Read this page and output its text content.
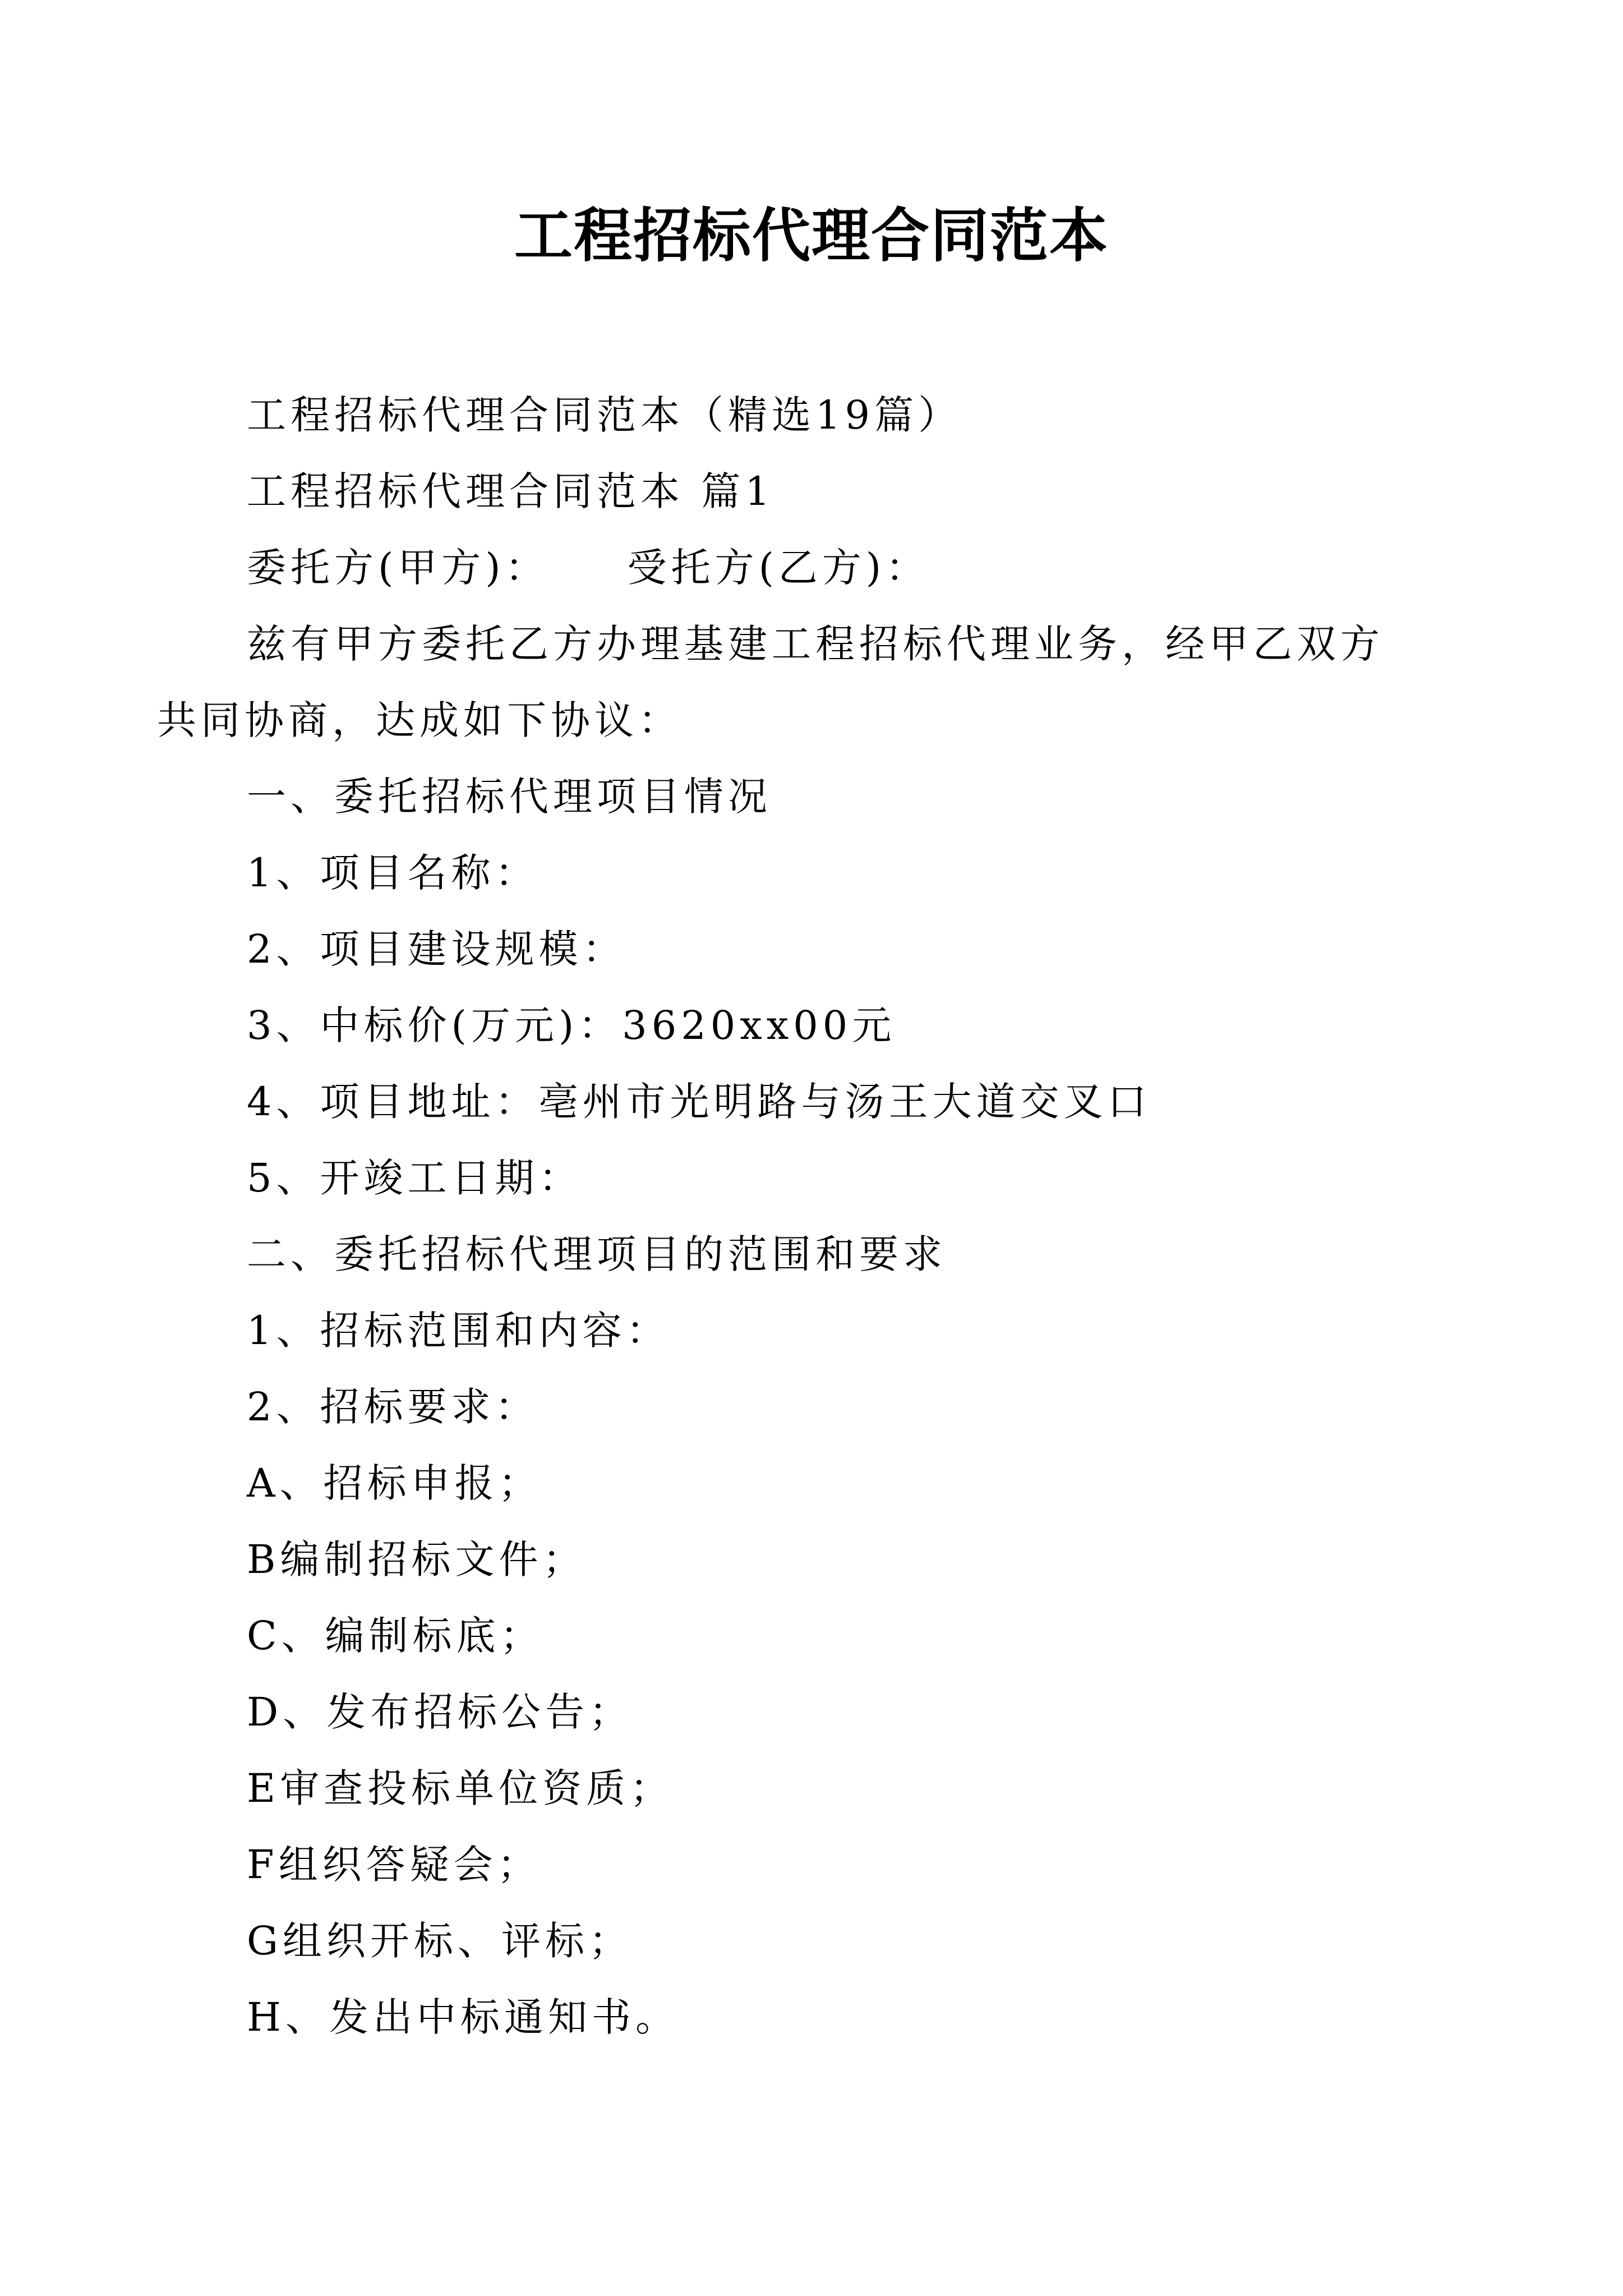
工程招标代理合同范本

工程招标代理合同范本（精选19篇）

工程招标代理合同范本 篇1

委托方(甲方)： 受托方(乙方)：

兹有甲方委托乙方办理基建工程招标代理业务，经甲乙双方共同协商，达成如下协议：

一、委托招标代理项目情况

1、项目名称：

2、项目建设规模：

3、中标价(万元)：3620xx00元

4、项目地址：亳州市光明路与汤王大道交叉口

5、开竣工日期：

二、委托招标代理项目的范围和要求

1、招标范围和内容：

2、招标要求：

A、招标申报；

B编制招标文件；

C、编制标底；

D、发布招标公告；

E审查投标单位资质；

F组织答疑会；

G组织开标、评标；

H、发出中标通知书。
